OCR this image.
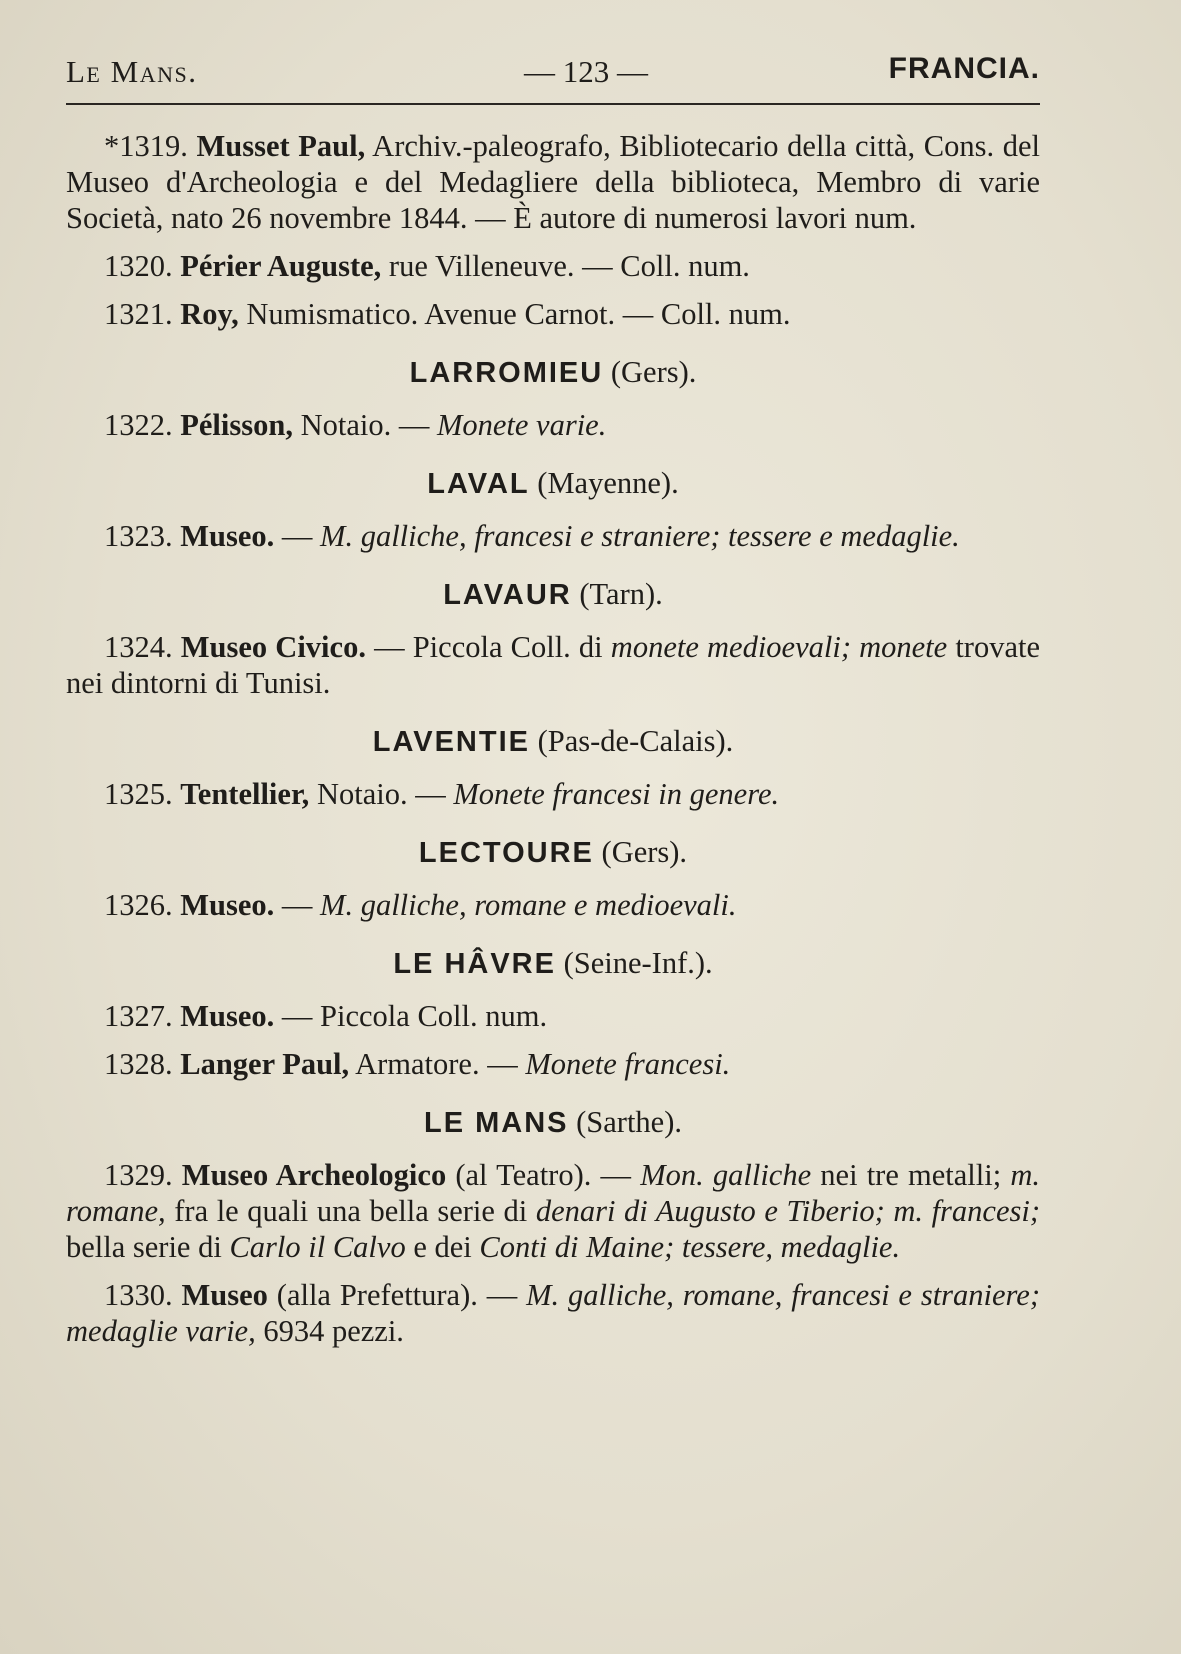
Le Mans.	— 123 —	FRANCIA.
*1319. Musset Paul, Archiv.-paleografo, Bibliotecario della città, Cons. del Museo d'Archeologia e del Medagliere della biblioteca, Membro di varie Società, nato 26 novembre 1844. — È autore di numerosi lavori num.
1320. Périer Auguste, rue Villeneuve. — Coll. num.
1321. Roy, Numismatico. Avenue Carnot. — Coll. num.
LARROMIEU (Gers).
1322. Pélisson, Notaio. — Monete varie.
LAVAL (Mayenne).
1323. Museo. — M. galliche, francesi e straniere; tessere e medaglie.
LAVAUR (Tarn).
1324. Museo Civico. — Piccola Coll. di monete medioevali; monete trovate nei dintorni di Tunisi.
LAVENTIE (Pas-de-Calais).
1325. Tentellier, Notaio. — Monete francesi in genere.
LECTOURE (Gers).
1326. Museo. — M. galliche, romane e medioevali.
LE HÂVRE (Seine-Inf.).
1327. Museo. — Piccola Coll. num.
1328. Langer Paul, Armatore. — Monete francesi.
LE MANS (Sarthe).
1329. Museo Archeologico (al Teatro). — Mon. galliche nei tre metalli; m. romane, fra le quali una bella serie di denari di Augusto e Tiberio; m. francesi; bella serie di Carlo il Calvo e dei Conti di Maine; tessere, medaglie.
1330. Museo (alla Prefettura). — M. galliche, romane, francesi e straniere; medaglie varie, 6934 pezzi.
